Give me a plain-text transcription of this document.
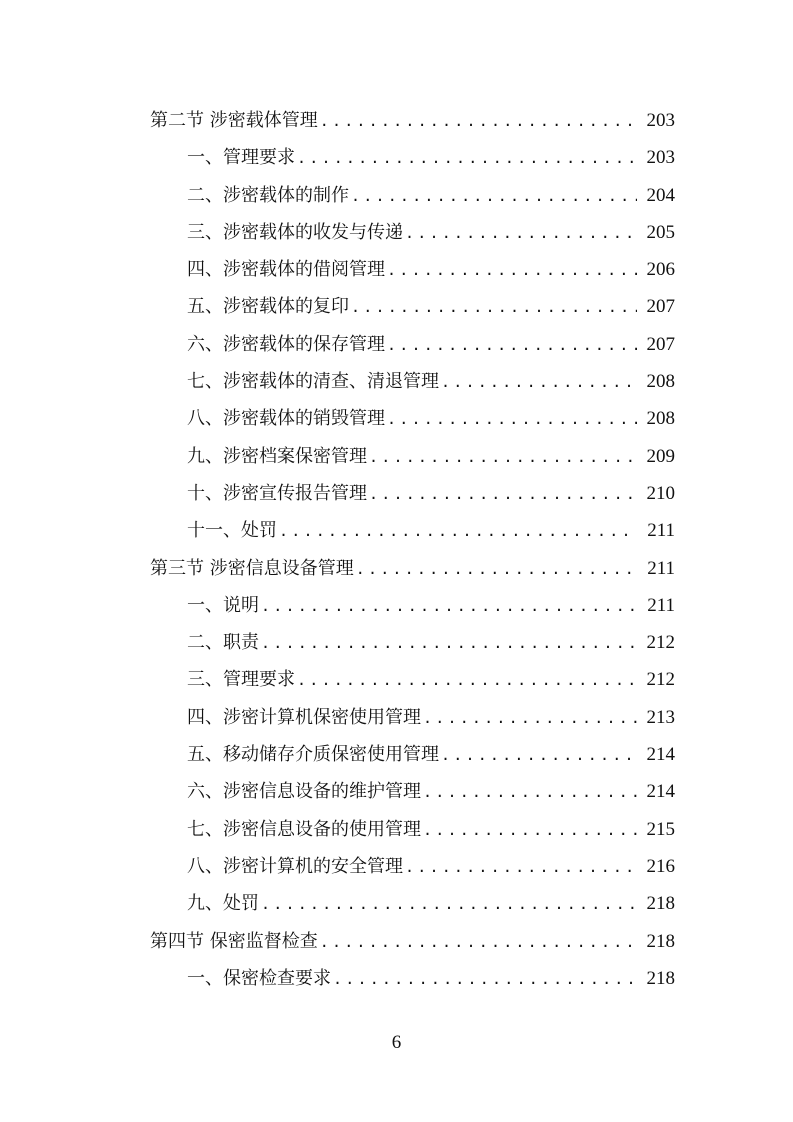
第二节 涉密载体管理 .....	203
一、管理要求 .....	203
二、涉密载体的制作 .....	204
三、涉密载体的收发与传递 .....	205
四、涉密载体的借阅管理 .....	206
五、涉密载体的复印 .....	207
六、涉密载体的保存管理 .....	207
七、涉密载体的清查、清退管理 .....	208
八、涉密载体的销毁管理 .....	208
九、涉密档案保密管理 .....	209
十、涉密宣传报告管理 .....	210
十一、处罚 .....	211
第三节 涉密信息设备管理 .....	211
一、说明 .....	211
二、职责 .....	212
三、管理要求 .....	212
四、涉密计算机保密使用管理 .....	213
五、移动储存介质保密使用管理 .....	214
六、涉密信息设备的维护管理 .....	214
七、涉密信息设备的使用管理 .....	215
八、涉密计算机的安全管理 .....	216
九、处罚 .....	218
第四节 保密监督检查 .....	218
一、保密检查要求 .....	218
6
